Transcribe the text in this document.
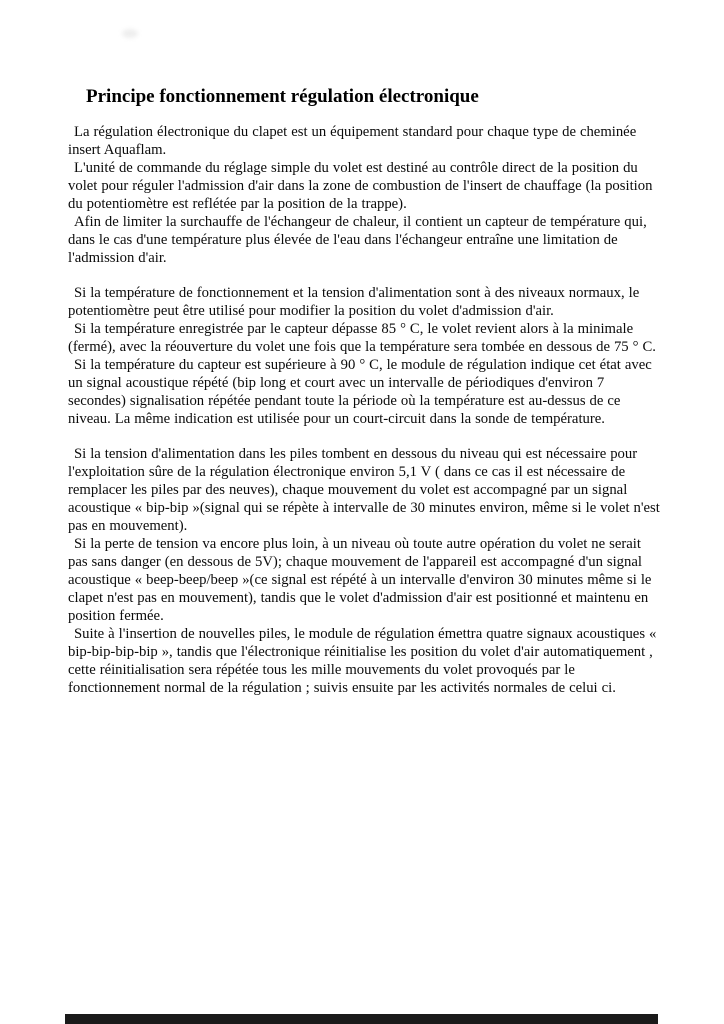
Principe fonctionnement régulation électronique

La régulation électronique du clapet est un équipement standard pour chaque type de cheminée insert Aquaflam.

L'unité de commande du réglage simple du volet est destiné au contrôle direct de la position du volet pour réguler l'admission d'air dans la zone de combustion de l'insert de chauffage (la position du potentiomètre est reflétée par la position de la trappe).

Afin de limiter la surchauffe de l'échangeur de chaleur, il contient un capteur de température qui, dans le cas d'une température plus élevée de l'eau dans l'échangeur entraîne une limitation de l'admission d'air.

Si la température de fonctionnement et la tension d'alimentation sont à des niveaux normaux, le potentiomètre peut être utilisé pour modifier la position du volet d'admission d'air.

Si la température enregistrée par le capteur dépasse 85 ° C, le volet revient alors à la minimale (fermé), avec la réouverture du volet une fois que la température sera tombée en dessous de 75 ° C.

Si la température du capteur est supérieure à 90 ° C, le module de régulation indique cet état avec un signal acoustique répété (bip long et court avec un intervalle de périodiques d'environ 7 secondes) signalisation répétée pendant toute la période où la température est au-dessus de ce niveau. La même indication est utilisée pour un court-circuit dans la sonde de température.

Si la tension d'alimentation dans les piles tombent en dessous du niveau qui est nécessaire pour l'exploitation sûre de la régulation électronique environ 5,1 V ( dans ce cas il est nécessaire de remplacer les piles par des neuves), chaque mouvement du volet est accompagné par un signal acoustique « bip-bip »(signal qui se répète à intervalle de 30 minutes environ, même si le volet n'est pas en mouvement).

Si la perte de tension va encore plus loin, à un niveau où toute autre opération du volet ne serait pas sans danger (en dessous de 5V); chaque mouvement de l'appareil est accompagné d'un signal acoustique « beep-beep/beep »(ce signal est répété à un intervalle d'environ 30 minutes même si le clapet n'est pas en mouvement), tandis que le volet d'admission d'air est positionné et maintenu en position fermée.

Suite à l'insertion de nouvelles piles, le module de régulation émettra quatre signaux acoustiques « bip-bip-bip-bip », tandis que l'électronique réinitialise les position du volet d'air automatiquement , cette réinitialisation sera répétée tous les mille mouvements du volet provoqués par le fonctionnement normal de la régulation ; suivis ensuite par les activités normales de celui ci.
